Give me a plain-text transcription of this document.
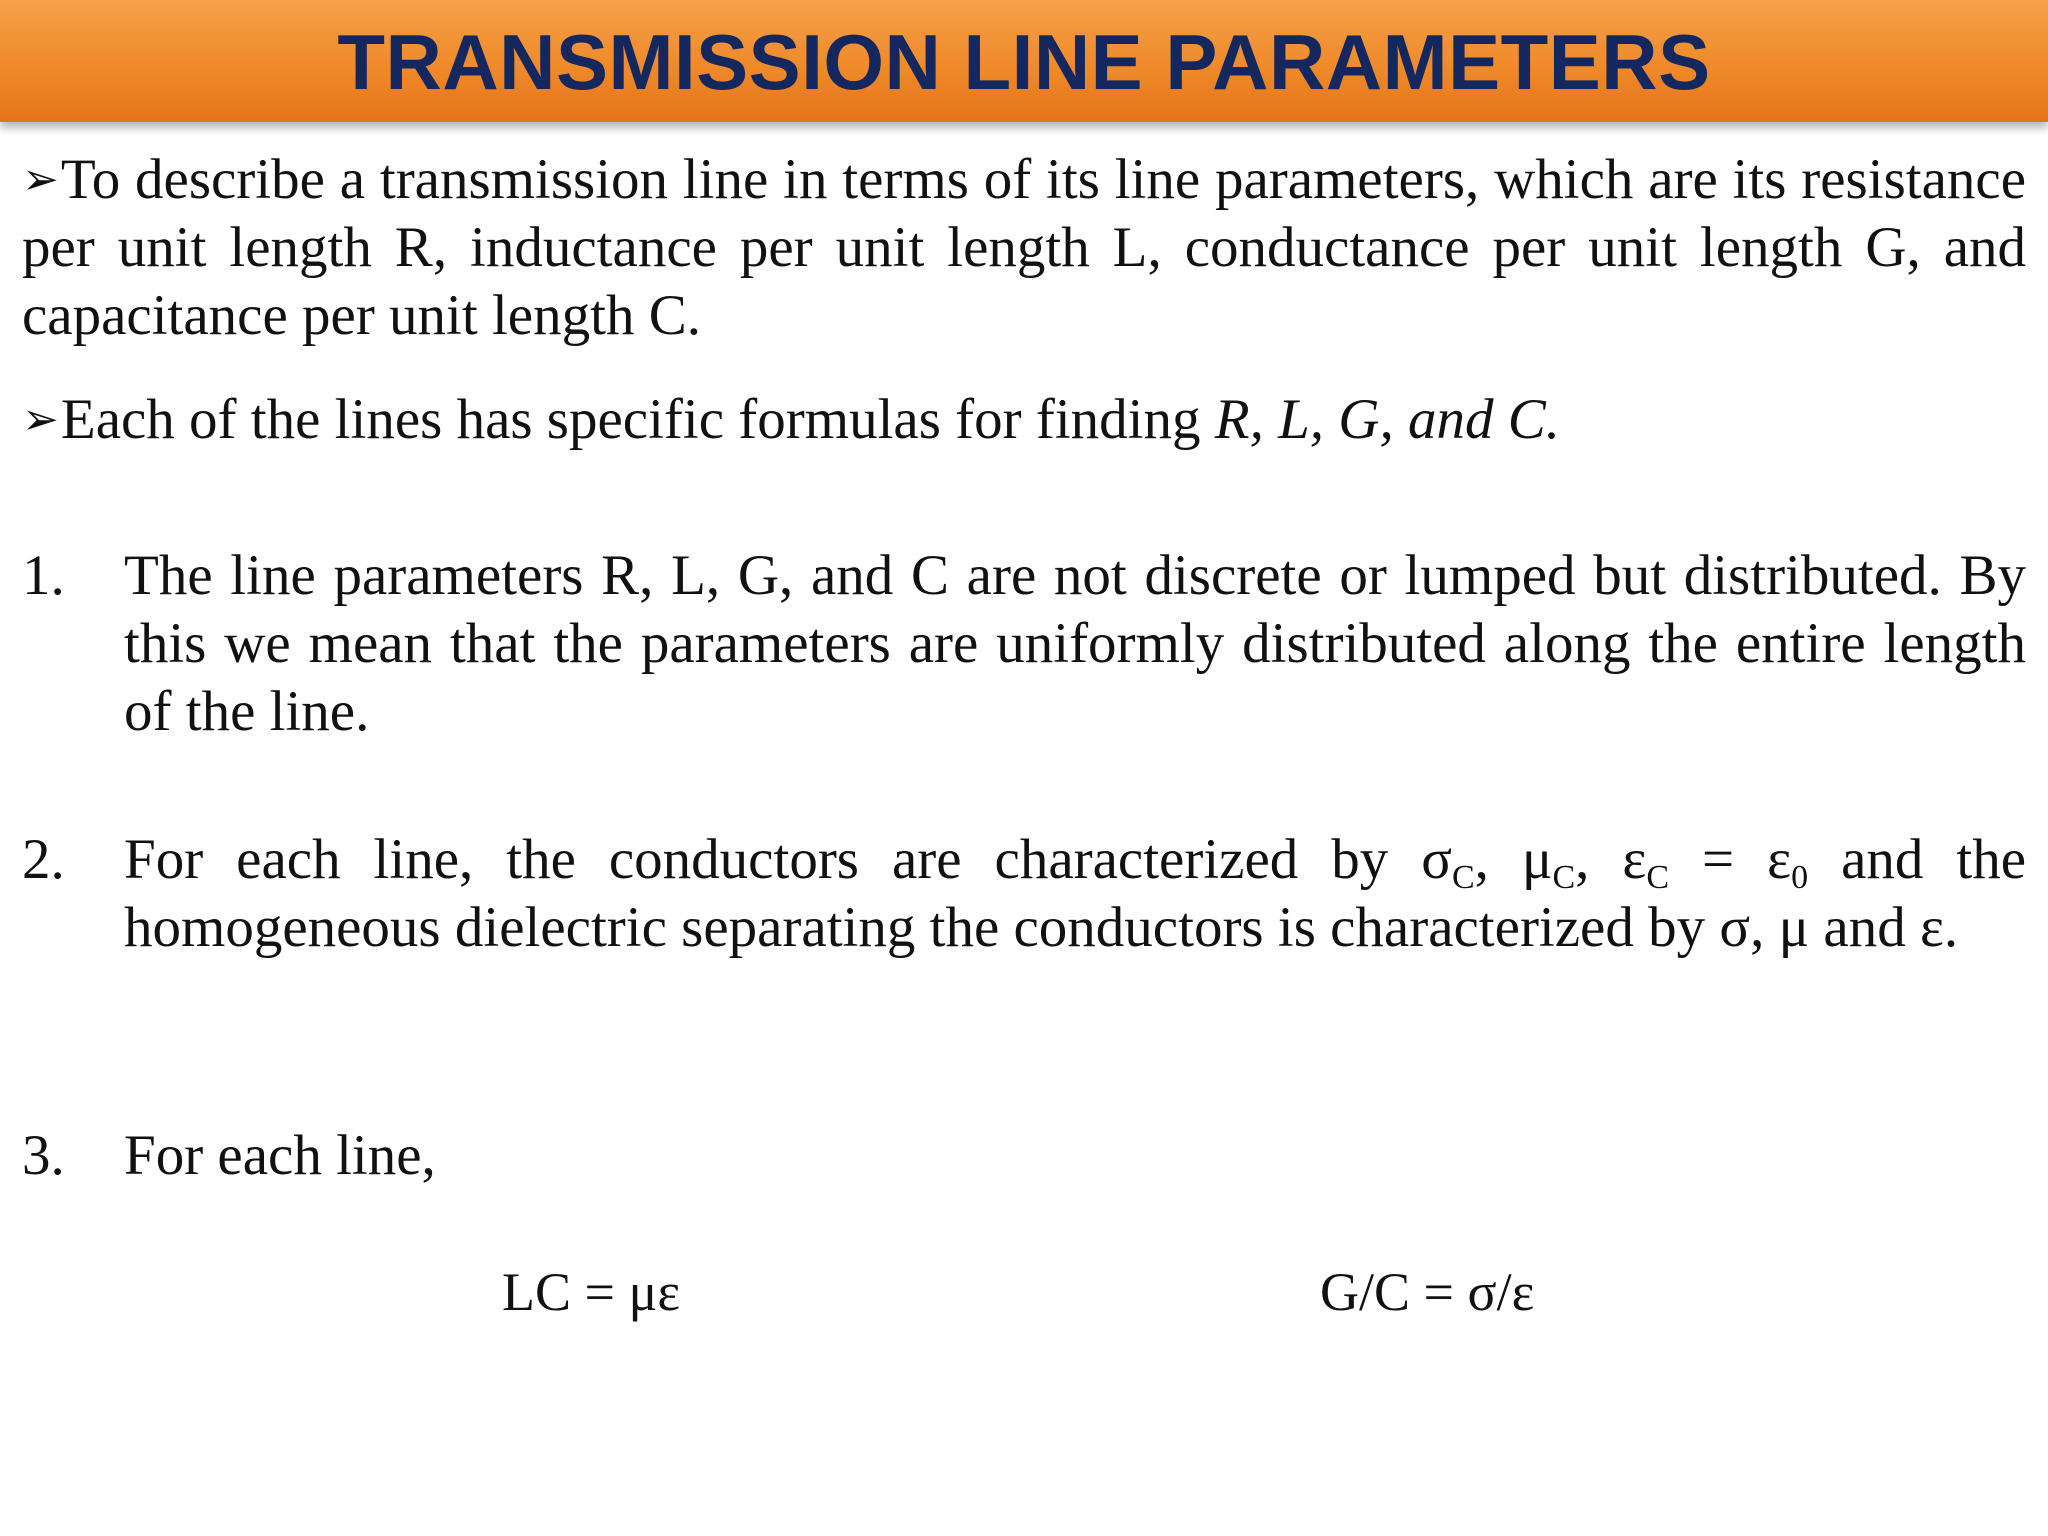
TRANSMISSION LINE PARAMETERS
➢To describe a transmission line in terms of its line parameters, which are its resistance per unit length R, inductance per unit length L, conductance per unit length G, and capacitance per unit length C.
➢Each of the lines has specific formulas for finding R, L, G, and C.
1.	The line parameters R, L, G, and C are not discrete or lumped but distributed. By this we mean that the parameters are uniformly distributed along the entire length of the line.
2.	For each line, the conductors are characterized by $\sigma_C$, $\mu_C$, $\varepsilon_C = \varepsilon_0$ and the homogeneous dielectric separating the conductors is characterized by σ, μ and ε.
3.	For each line,
LC = με	G/C = σ/ε
